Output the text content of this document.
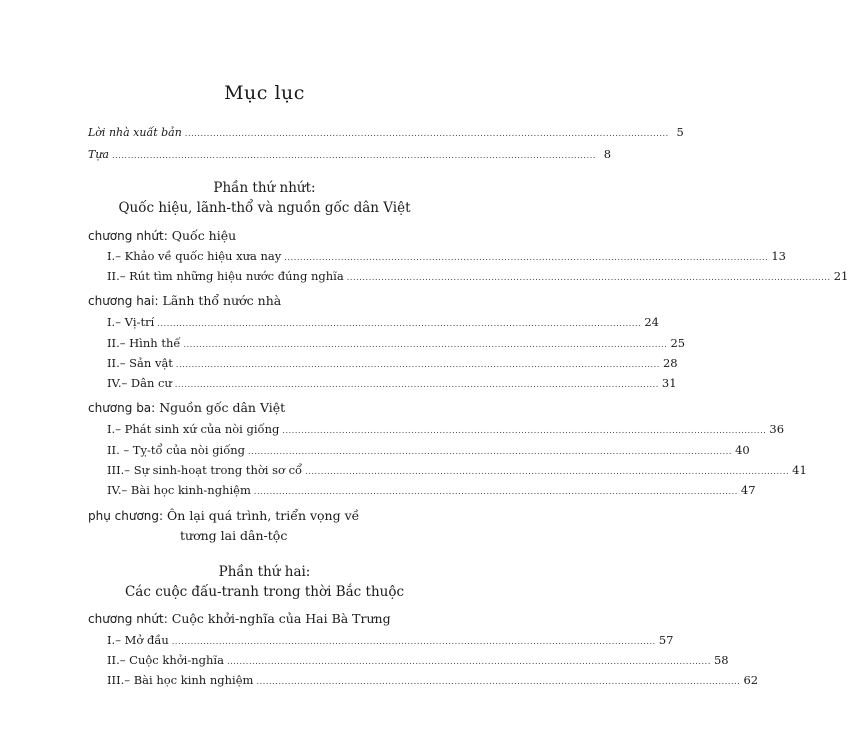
Mục lục
Lời nhà xuất bản .......................................................................................................................................................... 5
Tựa .......................................................................................................................................................... 8
Phần thứ nhứt:
Quốc hiệu, lãnh-thổ và nguồn gốc dân Việt
chương nhứt: Quốc hiệu
I.– Khảo về quốc hiệu xưa nay .......................................................................................................................................................... 13
II.– Rút tìm những hiệu nước đúng nghĩa .......................................................................................................................................................... 21
chương hai: Lãnh thổ nước nhà
I.– Vị-trí .......................................................................................................................................................... 24
II.– Hình thế .......................................................................................................................................................... 25
II.– Sản vật .......................................................................................................................................................... 28
IV.– Dân cư .......................................................................................................................................................... 31
chương ba: Nguồn gốc dân Việt
I.– Phát sinh xứ của nòi giống .......................................................................................................................................................... 36
II. – Tỵ-tổ của nòi giống .......................................................................................................................................................... 40
III.– Sự sinh-hoạt trong thời sơ cổ .......................................................................................................................................................... 41
IV.– Bài học kinh-nghiệm .......................................................................................................................................................... 47
phụ chương: Ôn lại quá trình, triển vọng về
tương lai dân-tộc
Phần thứ hai:
Các cuộc đấu-tranh trong thời Bắc thuộc
chương nhứt: Cuộc khởi-nghĩa của Hai Bà Trưng
I.– Mở đầu .......................................................................................................................................................... 57
II.– Cuộc khởi-nghĩa .......................................................................................................................................................... 58
III.– Bài học kinh nghiệm .......................................................................................................................................................... 62
